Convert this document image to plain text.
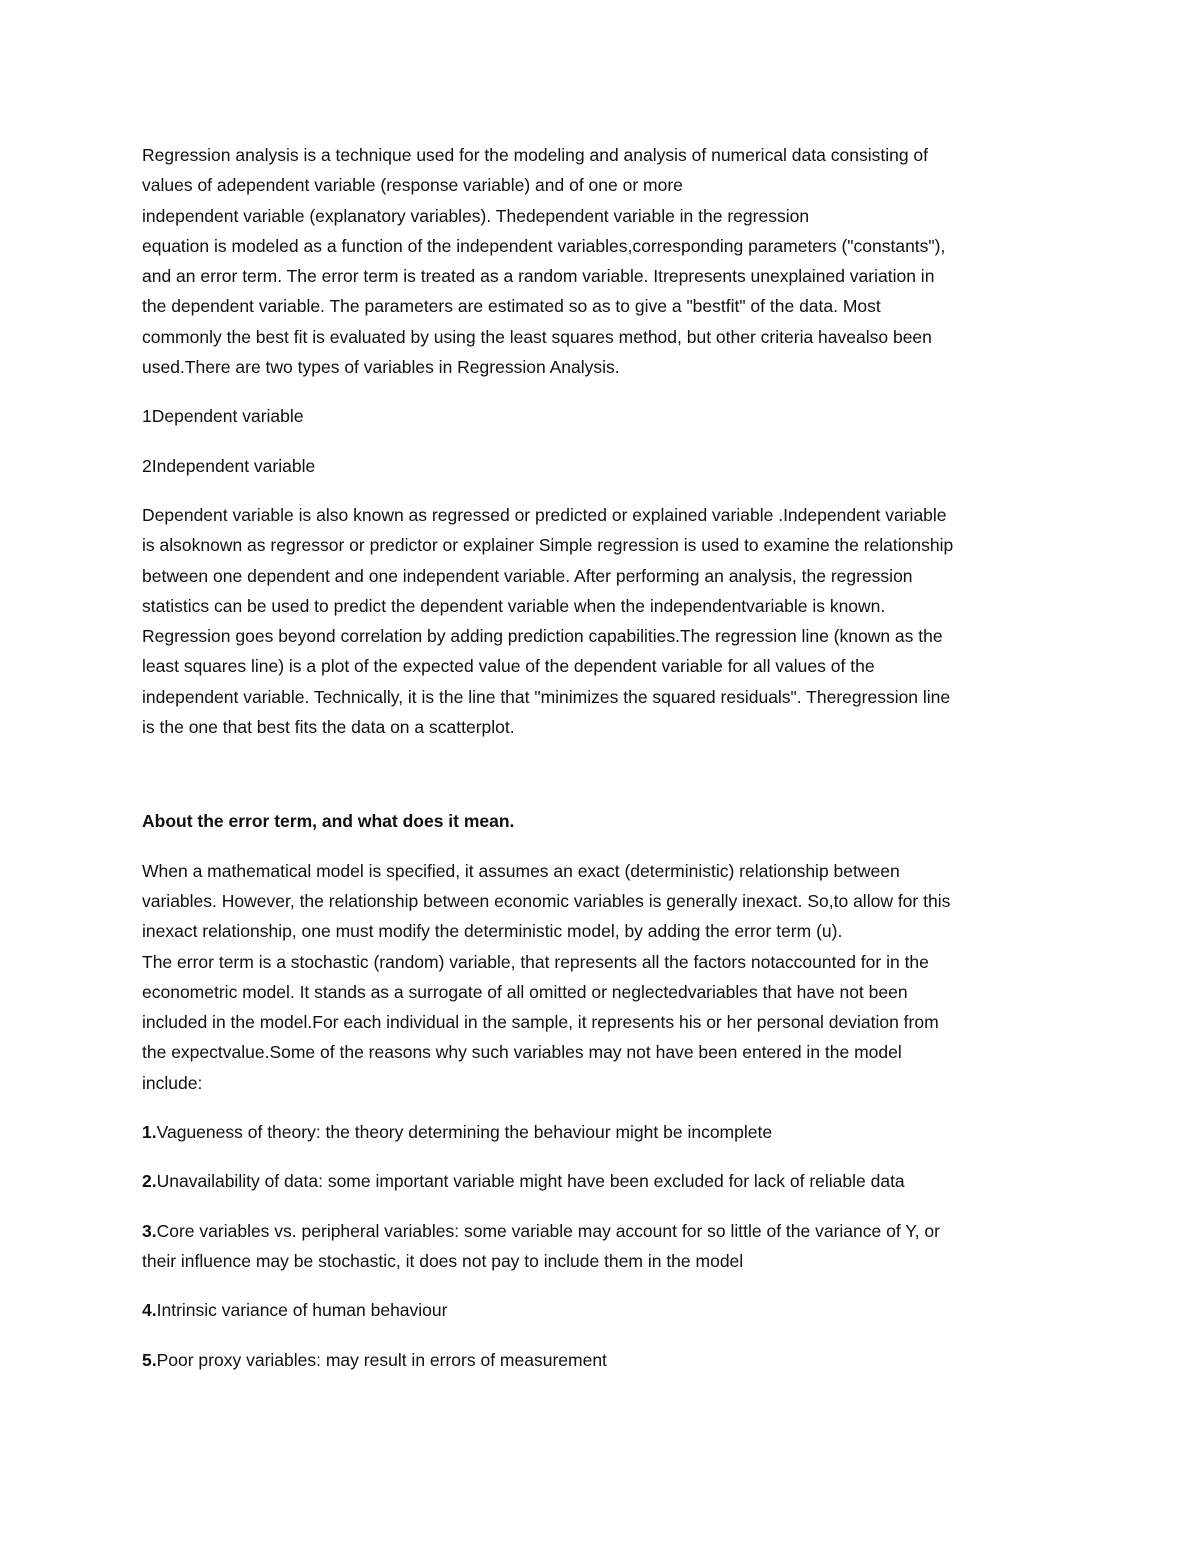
Regression analysis is a technique used for the modeling and analysis of numerical data consisting of
values of adependent variable (response variable) and of one or more
independent variable (explanatory variables). Thedependent variable in the regression
equation is modeled as a function of the independent variables,corresponding parameters ("constants"),
and an error term. The error term is treated as a random variable. Itrepresents unexplained variation in
the dependent variable. The parameters are estimated so as to give a "bestfit" of the data. Most
commonly the best fit is evaluated by using the least squares method, but other criteria havealso been
used.There are two types of variables in Regression Analysis.
1Dependent variable
2Independent variable
Dependent variable is also known as regressed or predicted or explained variable .Independent variable
is alsoknown as regressor or predictor or explainer Simple regression is used to examine the relationship
between one dependent and one independent variable. After performing an analysis, the regression
statistics can be used to predict the dependent variable when the independentvariable is known.
Regression goes beyond correlation by adding prediction capabilities.The regression line (known as the
least squares line) is a plot of the expected value of the dependent variable for all values of the
independent variable. Technically, it is the line that "minimizes the squared residuals". Theregression line
is the one that best fits the data on a scatterplot.
About the error term, and what does it mean.
When a mathematical model is specified, it assumes an exact (deterministic) relationship between
variables. However, the relationship between economic variables is generally inexact. So,to allow for this
inexact relationship, one must modify the deterministic model, by adding the error term (u).
The error term is a stochastic (random) variable, that represents all the factors notaccounted for in the
econometric model. It stands as a surrogate of all omitted or neglectedvariables that have not been
included in the model.For each individual in the sample, it represents his or her personal deviation from
the expectvalue.Some of the reasons why such variables may not have been entered in the model
include:
1.Vagueness of theory: the theory determining the behaviour might be incomplete
2.Unavailability of data: some important variable might have been excluded for lack of reliable data
3.Core variables vs. peripheral variables: some variable may account for so little of the variance of Y, or
their influence may be stochastic, it does not pay to include them in the model
4.Intrinsic variance of human behaviour
5.Poor proxy variables: may result in errors of measurement
